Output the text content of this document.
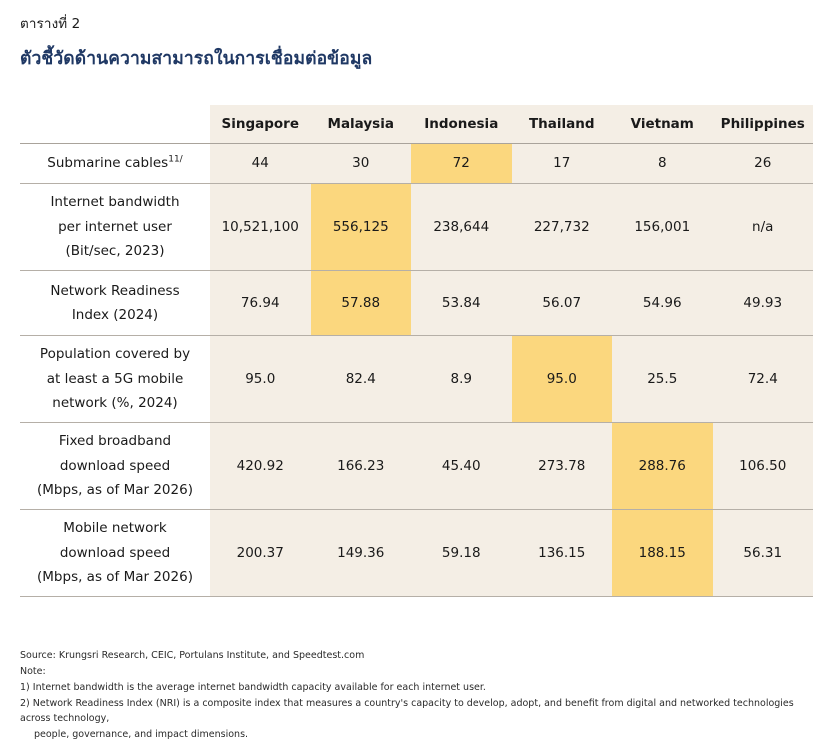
ตารางที่ 2
ตัวชี้วัดด้านความสามารถในการเชื่อมต่อข้อมูล
	Singapore	Malaysia	Indonesia	Thailand	Vietnam	Philippines
Submarine cables$^{11/}$	44	30	72	17	8	26

Internet bandwidth
per internet user
(Bit/sec, 2023)	10,521,100	556,125	238,644	227,732	156,001	n/a

Network Readiness
Index (2024)	76.94	57.88	53.84	56.07	54.96	49.93

Population covered by
at least a 5G mobile
network (%, 2024)	95.0	82.4	8.9	95.0	25.5	72.4

Fixed broadband
download speed
(Mbps, as of Mar 2026)	420.92	166.23	45.40	273.78	288.76	106.50

Mobile network
download speed
(Mbps, as of Mar 2026)	200.37	149.36	59.18	136.15	188.15	56.31
Source: Krungsri Research, CEIC, Portulans Institute, and Speedtest.com
Note:
1) Internet bandwidth is the average internet bandwidth capacity available for each internet user.
2) Network Readiness Index (NRI) is a composite index that measures a country's capacity to develop, adopt, and benefit from digital and networked technologies across technology,
people, governance, and impact dimensions.
